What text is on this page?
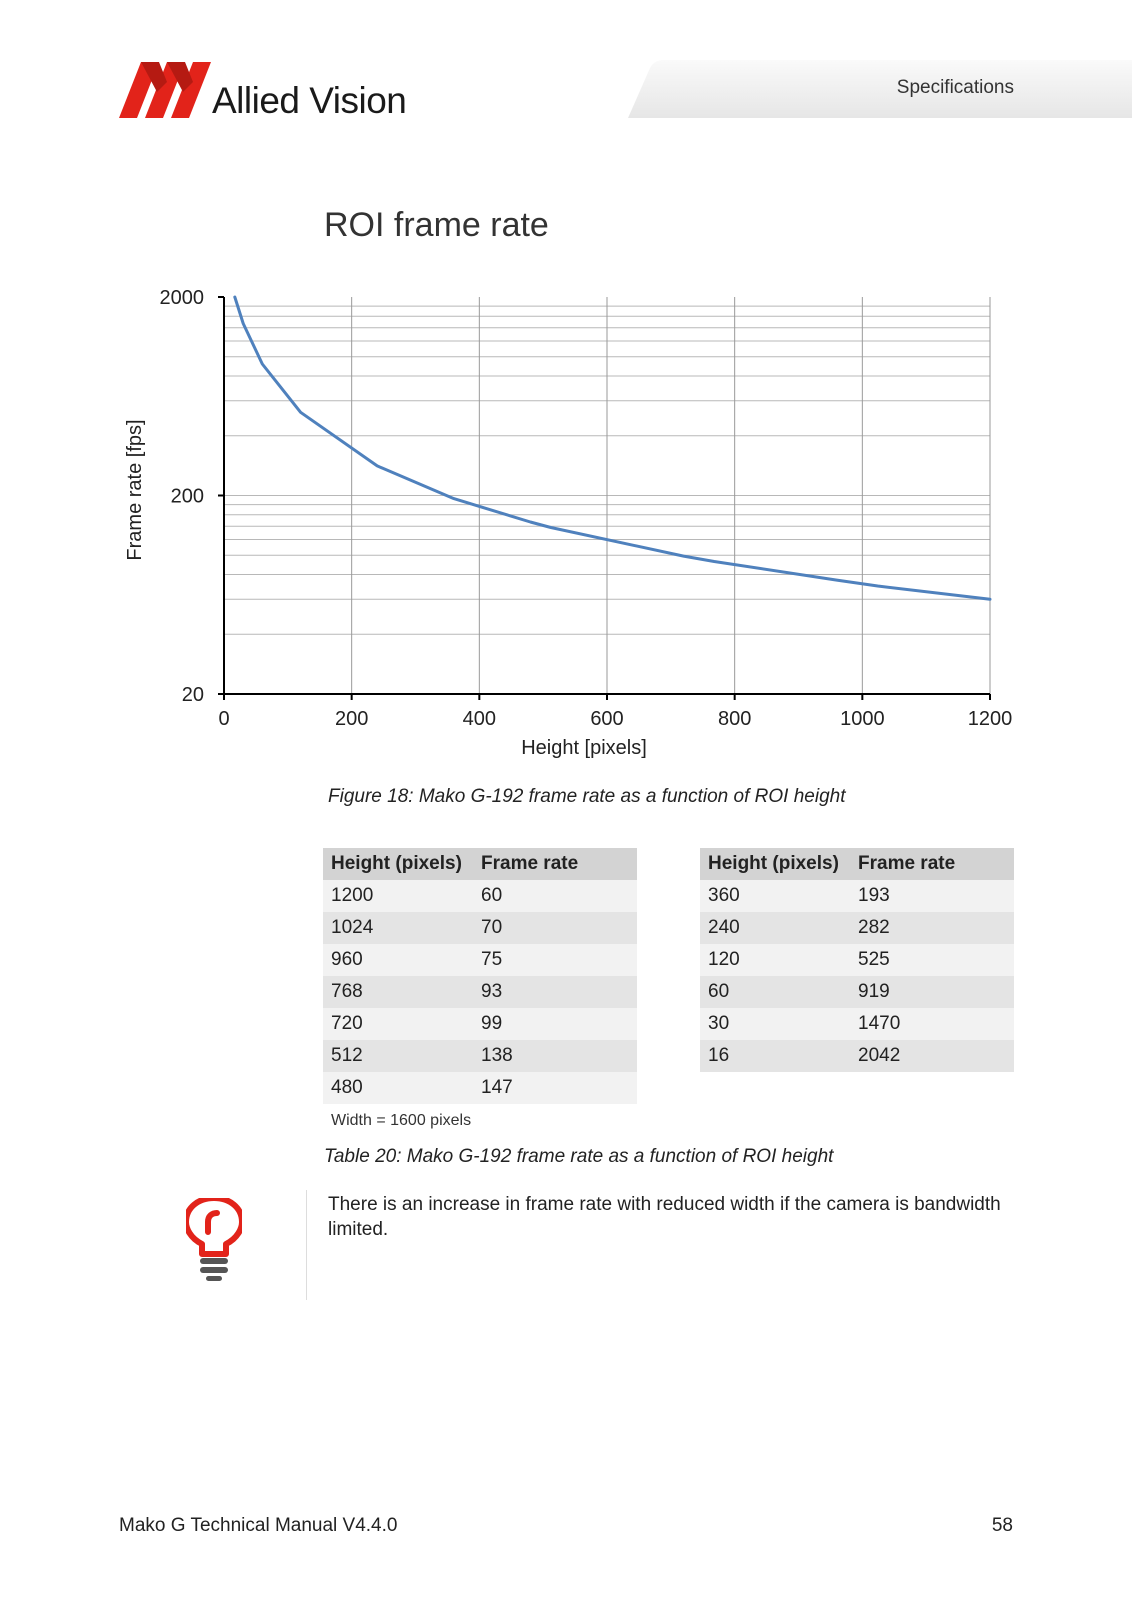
Allied Vision	Specifications
ROI frame rate
0	200	400	600	800	1000	1200
20
200
2000
Height [pixels]
Frame rate [fps]
Figure 18: Mako G-192 frame rate as a function of ROI height
Height (pixels)	Frame rate
1200	60
1024	70
960	75
768	93
720	99
512	138
480	147
Height (pixels)	Frame rate
360	193
240	282
120	525
60	919
30	1470
16	2042
Width = 1600 pixels
Table 20: Mako G-192 frame rate as a function of ROI height
There is an increase in frame rate with reduced width if the camera is bandwidth limited.
Mako G Technical Manual V4.4.0	58
